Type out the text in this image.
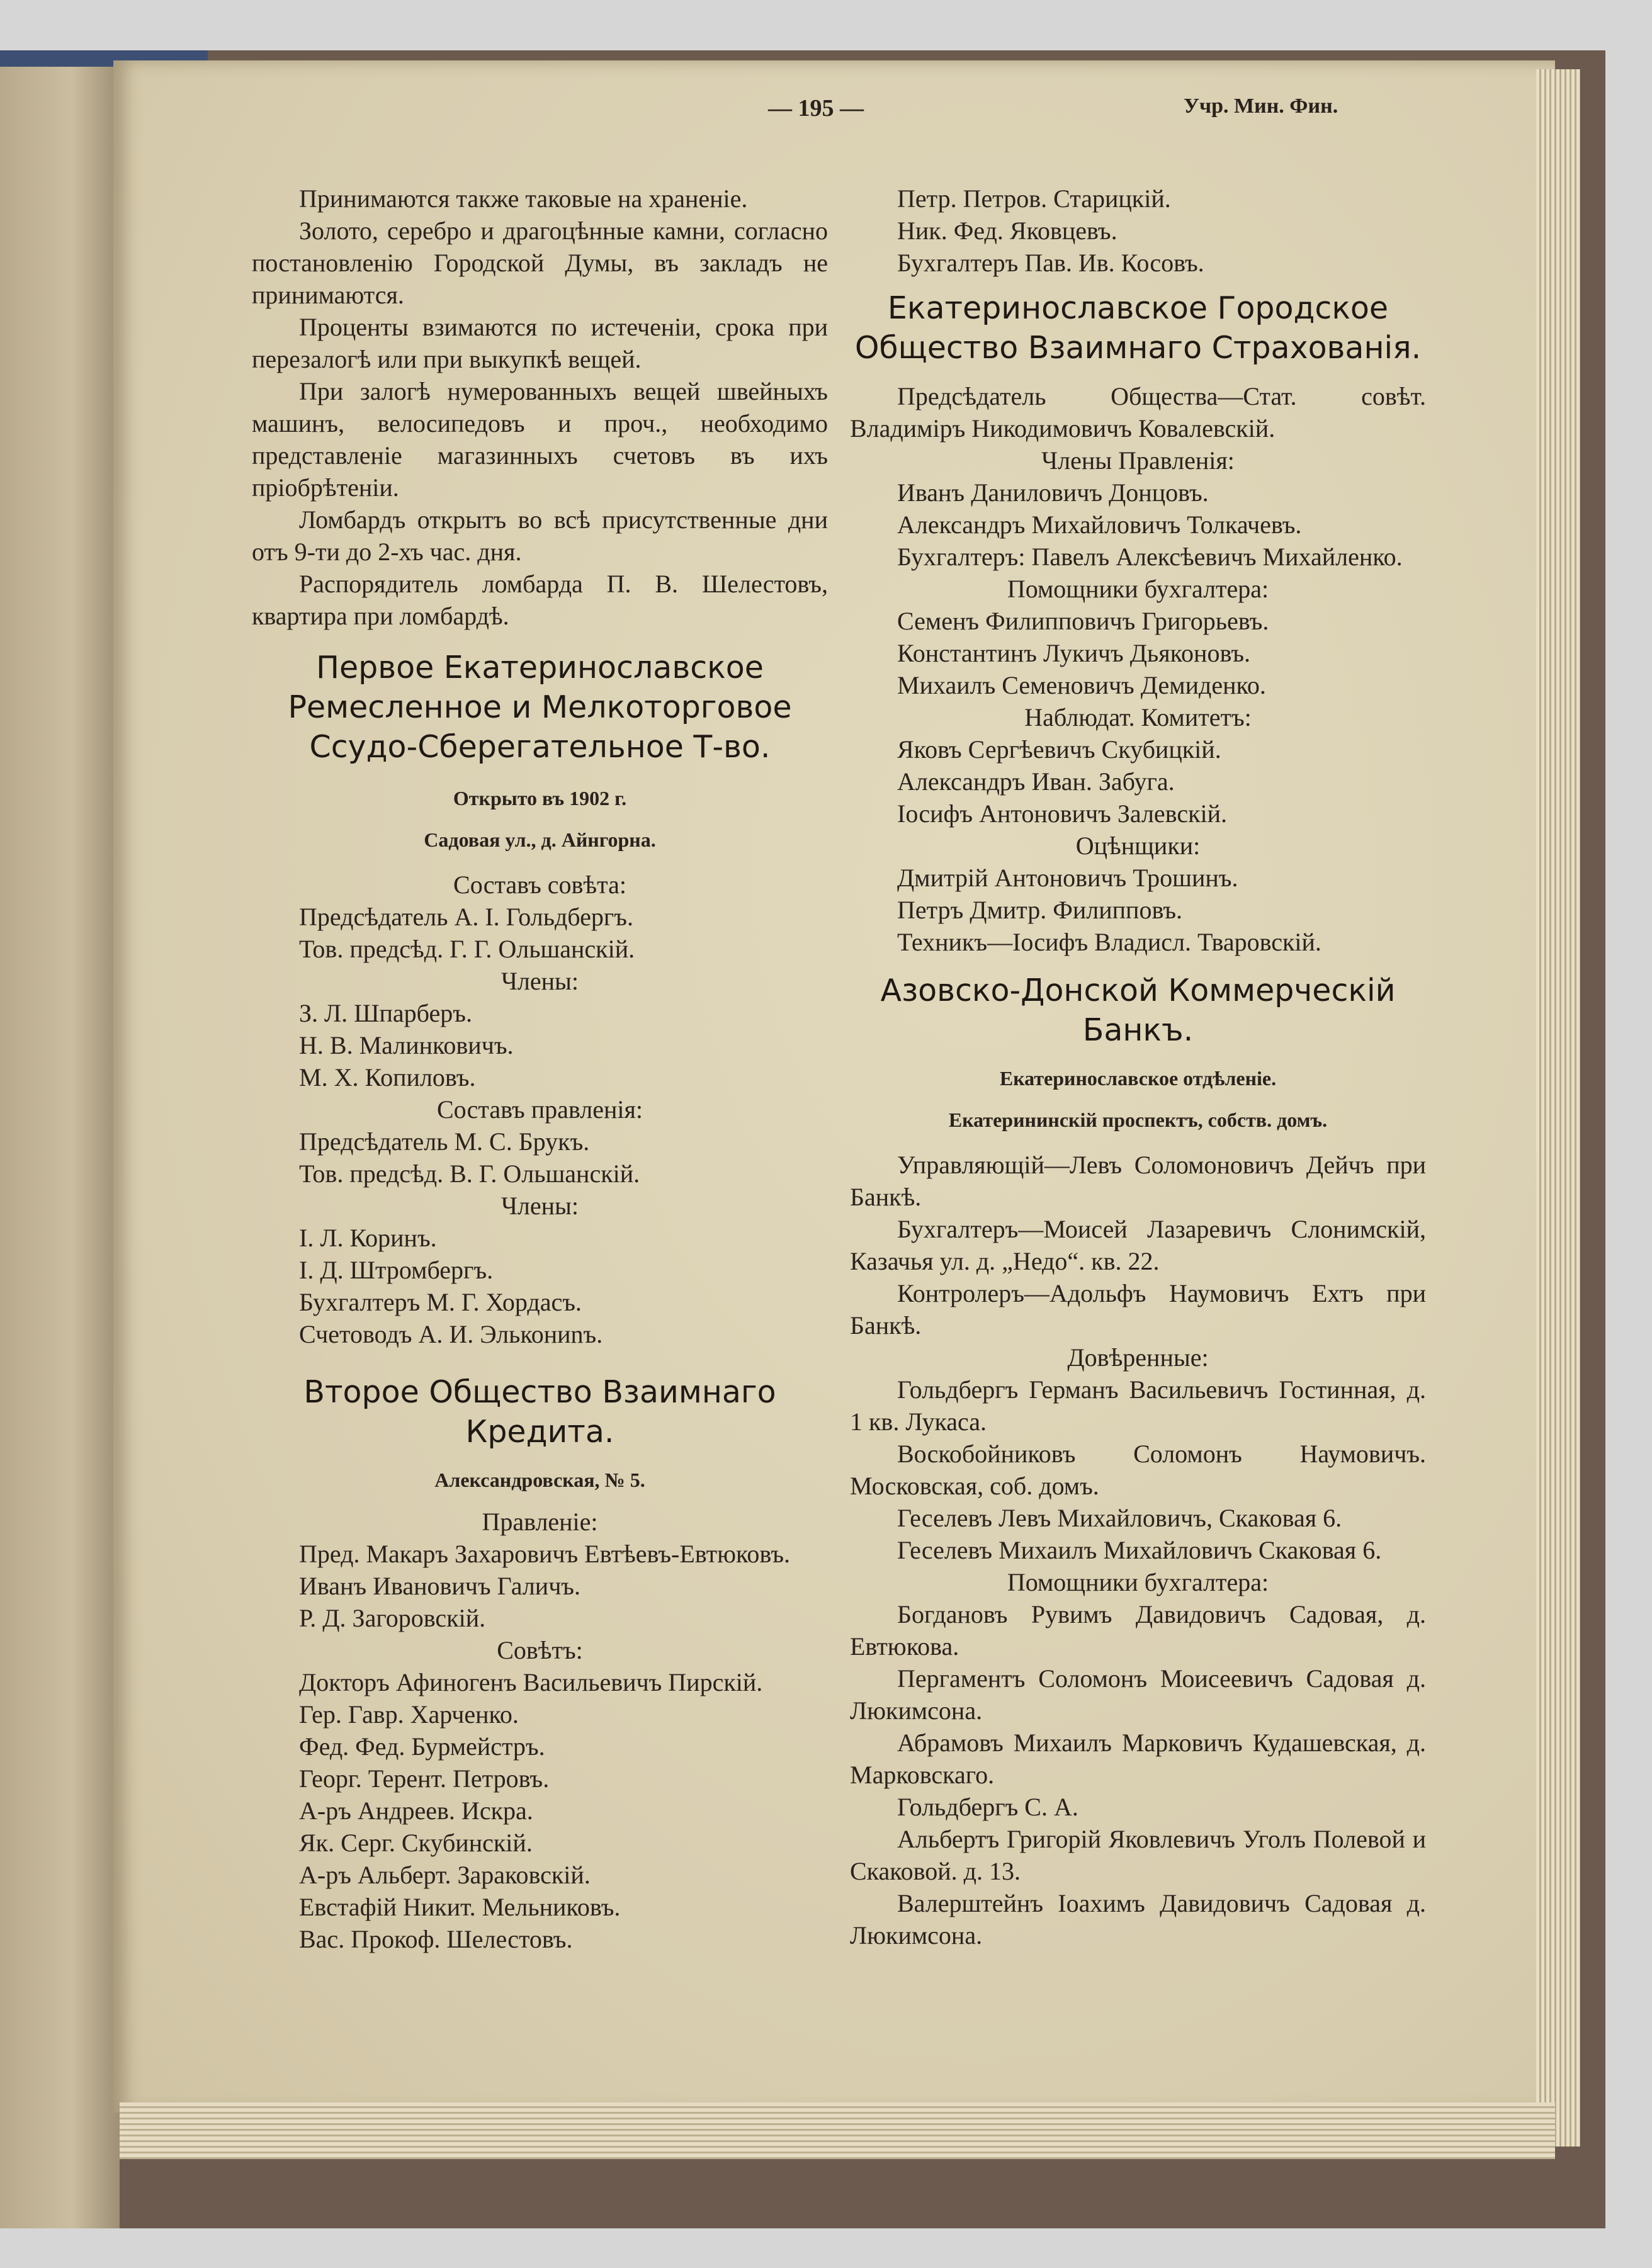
— 195 —	Учр. Мин. Фин.

Принимаются также таковые на храненіе.

Золото, серебро и драгоцѣнные камни, согласно постановленію Городской Думы, въ закладъ не принимаются.

Проценты взимаются по истеченіи, срока при перезалогѣ или при выкупкѣ вещей.

При залогѣ нумерованныхъ вещей швейныхъ машинъ, велосипедовъ и проч., необходимо представленіе магазинныхъ счетовъ въ ихъ пріобрѣтеніи.

Ломбардъ открытъ во всѣ присутственные дни отъ 9-ти до 2-хъ час. дня.

Распорядитель ломбарда П. В. Шелестовъ, квартира при ломбардѣ.

Первое Екатеринославское Ремесленное и Мелкоторговое Ссудо-Сберегательное Т-во.

Открыто въ 1902 г.

Садовая ул., д. Айнгорна.

Составъ совѣта:

Предсѣдатель А. І. Гольдбергъ.

Тов. предсѣд. Г. Г. Ольшанскій.

Члены:

З. Л. Шпарберъ.

Н. В. Малинковичъ.

М. Х. Копиловъ.

Составъ правленія:

Предсѣдатель М. С. Брукъ.

Тов. предсѣд. В. Г. Ольшанскій.

Члены:

І. Л. Коринъ.

І. Д. Штромбергъ.

Бухгалтеръ М. Г. Хордасъ.

Счетоводъ А. И. Элькониnъ.

Второе Общество Взаимнаго Кредита.

Александровская, № 5.

Правленіе:

Пред. Макаръ Захаровичъ Евтѣевъ-Евтюковъ.

Иванъ Ивановичъ Галичъ.

Р. Д. Загоровскій.

Совѣтъ:

Докторъ Афиногенъ Васильевичъ Пирскій.

Гер. Гавр. Харченко.

Фед. Фед. Бурмейстръ.

Георг. Терент. Петровъ.

А-ръ Андреев. Искра.

Як. Серг. Скубинскій.

А-ръ Альберт. Зараковскій.

Евстафій Никит. Мельниковъ.

Вас. Прокоф. Шелестовъ.

Петр. Петров. Старицкій.

Ник. Фед. Яковцевъ.

Бухгалтеръ Пав. Ив. Косовъ.

Екатеринославское Городское Общество Взаимнаго Страхованія.

Предсѣдатель Общества—Стат. совѣт. Владиміръ Никодимовичъ Ковалевскій.

Члены Правленія:

Иванъ Даниловичъ Донцовъ.

Александръ Михайловичъ Толкачевъ.

Бухгалтеръ: Павелъ Алексѣевичъ Михайленко.

Помощники бухгалтера:

Семенъ Филипповичъ Григорьевъ.

Константинъ Лукичъ Дьяконовъ.

Михаилъ Семеновичъ Демиденко.

Наблюдат. Комитетъ:

Яковъ Сергѣевичъ Скубицкій.

Александръ Иван. Забуга.

Іосифъ Антоновичъ Залевскій.

Оцѣнщики:

Дмитрій Антоновичъ Трошинъ.

Петръ Дмитр. Филипповъ.

Техникъ—Іосифъ Владисл. Тваровскій.

Азовско-Донской Коммерческій Банкъ.

Екатеринославское отдѣленіе.

Екатерининскій проспектъ, собств. домъ.

Управляющій—Левъ Соломоновичъ Дейчъ при Банкѣ.

Бухгалтеръ—Моисей Лазаревичъ Слонимскій, Казачья ул. д. „Недо“. кв. 22.

Контролеръ—Адольфъ Наумовичъ Ехтъ при Банкѣ.

Довѣренные:

Гольдбергъ Германъ Васильевичъ Гостинная, д. 1 кв. Лукаса.

Воскобойниковъ Соломонъ Наумовичъ. Московская, соб. домъ.

Геселевъ Левъ Михайловичъ, Скаковая 6.

Геселевъ Михаилъ Михайловичъ Скаковая 6.

Помощники бухгалтера:

Богдановъ Рувимъ Давидовичъ Садовая, д. Евтюкова.

Пергаментъ Соломонъ Моисеевичъ Садовая д. Люкимсона.

Абрамовъ Михаилъ Марковичъ Кудашевская, д. Марковскаго.

Гольдбергъ С. А.

Альбертъ Григорій Яковлевичъ Уголъ Полевой и Скаковой. д. 13.

Валерштейнъ Іоахимъ Давидовичъ Садовая д. Люкимсона.
